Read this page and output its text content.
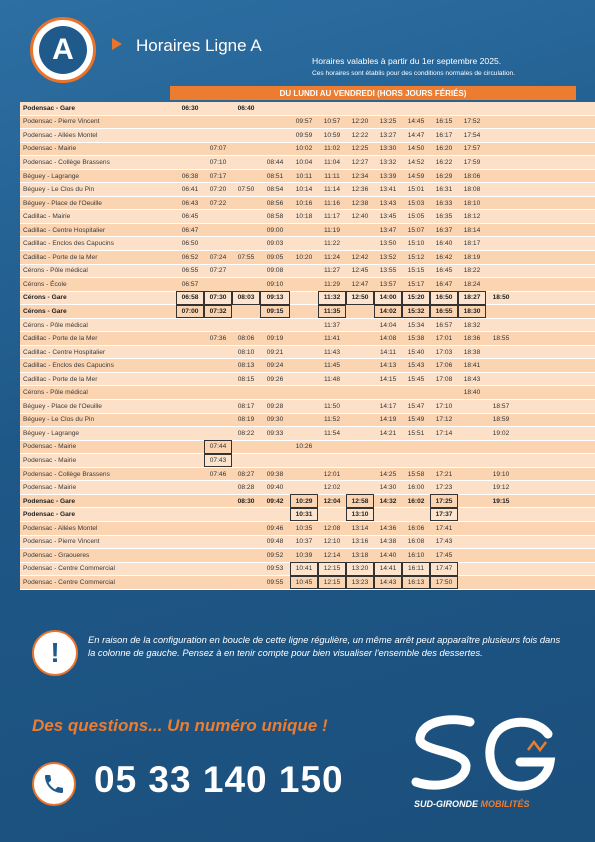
A	Horaires Ligne A
Horaires valables à partir du 1er septembre 2025.
Ces horaires sont établis pour des conditions normales de circulation.
DU LUNDI AU VENDREDI (HORS JOURS FÉRIÉS)
Podensac - Gare		06:30		06:40													
Podensac - Pierre Vincent						09:57	10:57	12:20	13:25	14:45	16:15	17:52					
Podensac - Allées Montel						09:59	10:59	12:22	13:27	14:47	16:17	17:54					
Podensac - Mairie			07:07			10:02	11:02	12:25	13:30	14:50	16:20	17:57					
Podensac - Collège Brassens			07:10		08:44	10:04	11:04	12:27	13:32	14:52	16:22	17:59					
Béguey - Lagrange		06:38	07:17		08:51	10:11	11:11	12:34	13:39	14:59	16:29	18:06					
Béguey - Le Clos du Pin		06:41	07:20	07:50	08:54	10:14	11:14	12:36	13:41	15:01	16:31	18:08					
Béguey - Place de l'Oeuille		06:43	07:22		08:56	10:16	11:16	12:38	13:43	15:03	16:33	18:10					
Cadillac - Mairie		06:45			08:58	10:18	11:17	12:40	13:45	15:05	16:35	18:12					
Cadillac - Centre Hospitalier		06:47			09:00		11:19		13:47	15:07	16:37	18:14					
Cadillac - Enclos des Capucins		06:50			09:03		11:22		13:50	15:10	16:40	18:17					
Cadillac - Porte de la Mer		06:52	07:24	07:55	09:05	10:20	11:24	12:42	13:52	15:12	16:42	18:19					
Cérons - Pôle médical		06:55	07:27		09:08		11:27	12:45	13:55	15:15	16:45	18:22					
Cérons - École		06:57			09:10		11:29	12:47	13:57	15:17	16:47	18:24					
Cérons - Gare		06:58	07:30	08:03	09:13		11:32	12:50	14:00	15:20	16:50	18:27	18:50				
Cérons - Gare		07:00	07:32		09:15		11:35		14:02	15:32	16:55	18:30					
Cérons - Pôle médical							11:37		14:04	15:34	16:57	18:32					
Cadillac - Porte de la Mer			07:36	08:06	09:19		11:41		14:08	15:38	17:01	18:36	18:55				
Cadillac - Centre Hospitalier				08:10	09:21		11:43		14:11	15:40	17:03	18:38					
Cadillac - Enclos des Capucins				08:13	09:24		11:45		14:13	15:43	17:06	18:41					
Cadillac - Porte de la Mer				08:15	09:26		11:48		14:15	15:45	17:08	18:43					
Cérons - Pôle médical												18:40					
Béguey - Place de l'Oeuille				08:17	09:28		11:50		14:17	15:47	17:10		18:57				
Béguey - Le Clos du Pin				08:19	09:30		11:52		14:19	15:49	17:12		18:59				
Béguey - Lagrange				08:22	09:33		11:54		14:21	15:51	17:14		19:02				
Podensac - Mairie			07:44			10:26											
Podensac - Mairie			07:43														
Podensac - Collège Brassens			07:46	08:27	09:38		12:01		14:25	15:58	17:21		19:10				
Podensac - Mairie				08:28	09:40		12:02		14:30	16:00	17:23		19:12				
Podensac - Gare				08:30	09:42	10:29	12:04	12:58	14:32	16:02	17:25		19:15				
Podensac - Gare						10:31		13:10			17:37						
Podensac - Allées Montel					09:46	10:35	12:08	13:14	14:36	16:06	17:41						
Podensac - Pierre Vincent					09:48	10:37	12:10	13:16	14:38	16:08	17:43						
Podensac - Graoueres					09:52	10:39	12:14	13:18	14:40	16:10	17:45						
Podensac - Centre Commercial					09:53	10:41	12:15	13:20	14:41	16:11	17:47						
Podensac - Centre Commercial					09:55	10:45	12:15	13:23	14:43	16:13	17:50						
!	En raison de la configuration en boucle de cette ligne régulière, un même arrêt peut apparaître plusieurs fois dans la colonne de gauche. Pensez à en tenir compte pour bien visualiser l'ensemble des dessertes.
Des questions... Un numéro unique !
05 33 140 150
SUD-GIRONDE MOBILITÉS
